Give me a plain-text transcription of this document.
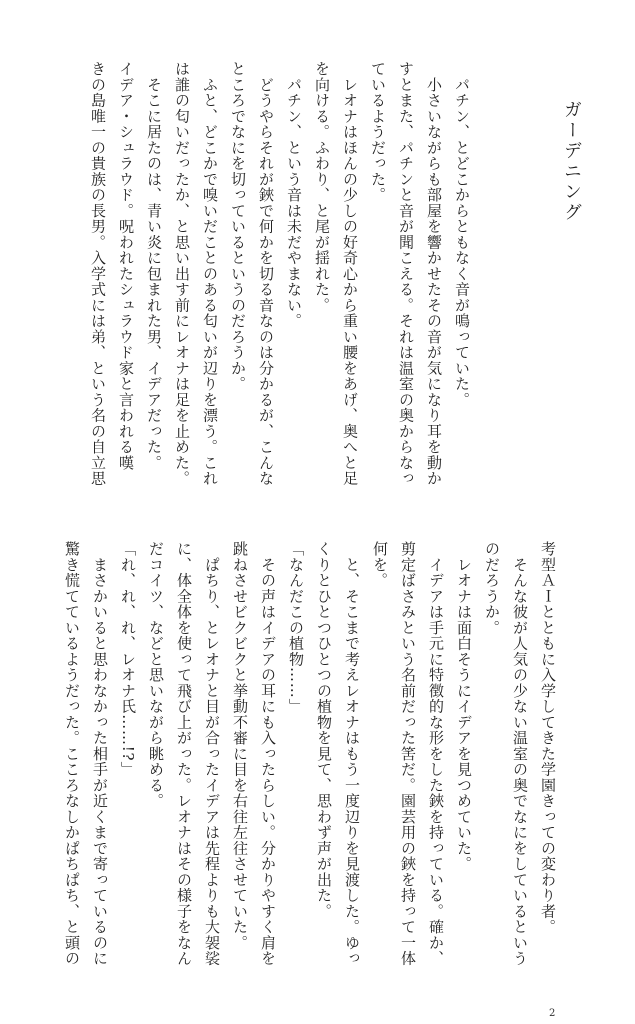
ガーデニング
　パチン、とどこからともなく音が鳴っていた。
　小さいながらも部屋を響かせたその音が気になり耳を動か
すとまた、パチンと音が聞こえる。それは温室の奥からなっ
ているようだった。
　レオナはほんの少しの好奇心から重い腰をあげ、奥へと足
を向ける。ふわり、と尾が揺れた。
　パチン、という音は未だやまない。
　どうやらそれが鋏で何かを切る音なのは分かるが、こんな
ところでなにを切っているというのだろうか。
　ふと、どこかで嗅いだことのある匂いが辺りを漂う。これ
は誰の匂いだったか、と思い出す前にレオナは足を止めた。
　そこに居たのは、青い炎に包まれた男、イデアだった。
イデア・シュラウド。呪われたシュラウド家と言われる嘆
きの島唯一の貴族の長男。入学式には弟、という名の自立思
考型ＡＩとともに入学してきた学園きっての変わり者。
　そんな彼が人気の少ない温室の奥でなにをしているという
のだろうか。
　レオナは面白そうにイデアを見つめていた。
　イデアは手元に特徴的な形をした鋏を持っている。確か、
剪定ばさみという名前だった筈だ。園芸用の鋏を持って一体
何を。
　と、そこまで考えレオナはもう一度辺りを見渡した。ゆっ
くりとひとつひとつの植物を見て、思わず声が出た。
「なんだこの植物……」
　その声はイデアの耳にも入ったらしい。分かりやすく肩を
跳ねさせビクビクと挙動不審に目を右往左往させていた。
　ぱちり、とレオナと目が合ったイデアは先程よりも大袈裟
に、体全体を使って飛び上がった。レオナはその様子をなん
だコイツ、などと思いながら眺める。
「れ、れ、れ、レオナ氏……!?」
　まさかいると思わなかった相手が近くまで寄っているのに
驚き慌てているようだった。こころなしかぱちぱち、と頭の
2
